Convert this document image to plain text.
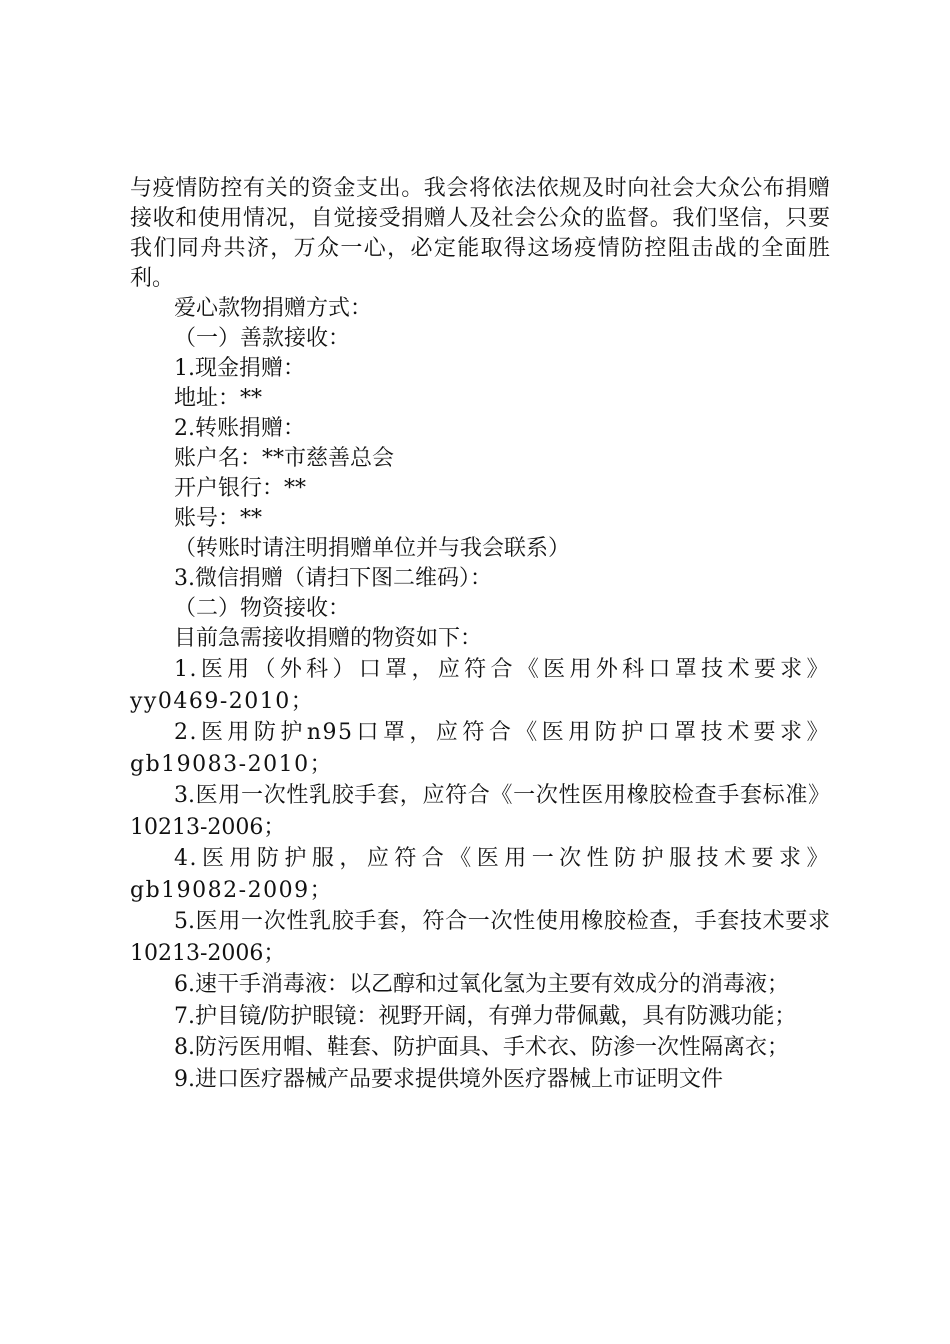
与疫情防控有关的资金支出。我会将依法依规及时向社会大众公布捐赠接收和使用情况，自觉接受捐赠人及社会公众的监督。我们坚信，只要我们同舟共济，万众一心，必定能取得这场疫情防控阻击战的全面胜利。

爱心款物捐赠方式：

（一）善款接收：

1.现金捐赠：

地址：**

2.转账捐赠：

账户名：**市慈善总会

开户银行：**

账号：**

（转账时请注明捐赠单位并与我会联系）

3.微信捐赠（请扫下图二维码）：

（二）物资接收：

目前急需接收捐赠的物资如下：

1.医用（外科）口罩，应符合《医用外科口罩技术要求》yy0469-2010；

2.医用防护n95口罩，应符合《医用防护口罩技术要求》gb19083-2010；

3.医用一次性乳胶手套，应符合《一次性医用橡胶检查手套标准》10213-2006；

4.医用防护服，应符合《医用一次性防护服技术要求》gb19082-2009；

5.医用一次性乳胶手套，符合一次性使用橡胶检查，手套技术要求10213-2006；

6.速干手消毒液：以乙醇和过氧化氢为主要有效成分的消毒液；

7.护目镜/防护眼镜：视野开阔，有弹力带佩戴，具有防溅功能；

8.防污医用帽、鞋套、防护面具、手术衣、防渗一次性隔离衣；

9.进口医疗器械产品要求提供境外医疗器械上市证明文件
